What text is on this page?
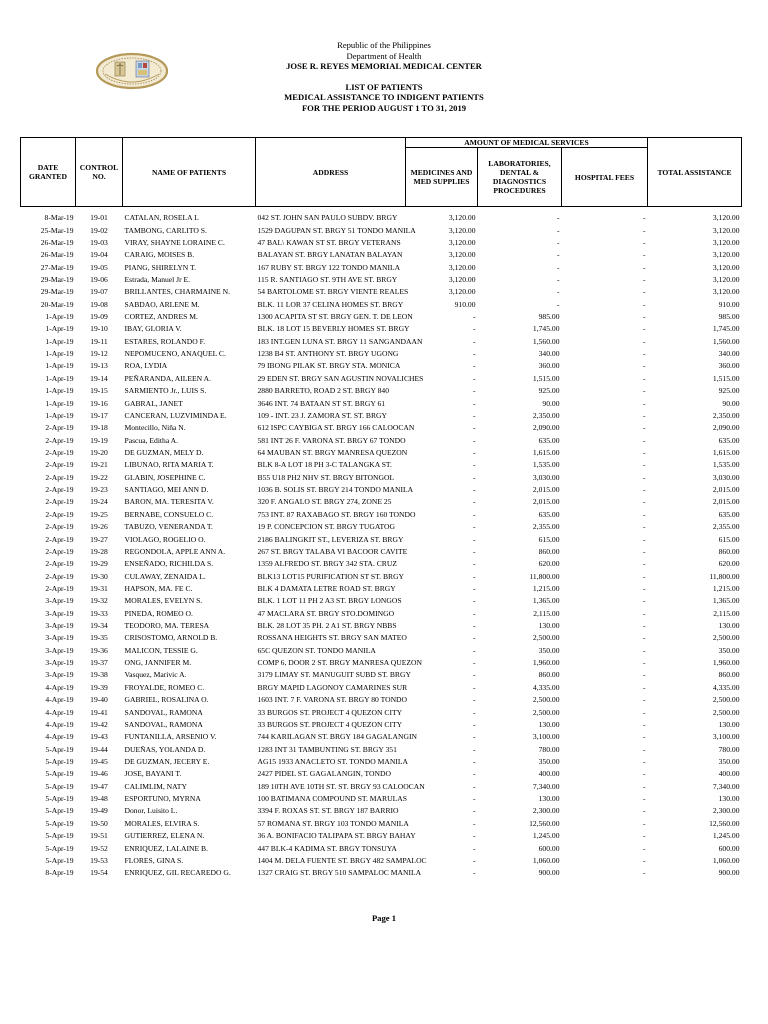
Republic of the Philippines
Department of Health
JOSE R. REYES MEMORIAL MEDICAL CENTER
LIST OF PATIENTS
MEDICAL ASSISTANCE TO INDIGENT PATIENTS
FOR THE PERIOD AUGUST 1 TO 31, 2019
DATE GRANTED	CONTROL NO.	NAME OF PATIENTS	ADDRESS	AMOUNT OF MEDICAL SERVICES			TOTAL ASSISTANCE
				MEDICINES AND MED SUPPLIES	LABORATORIES, DENTAL & DIAGNOSTICS PROCEDURES	HOSPITAL FEES	

8-Mar-19	19-01	CATALAN, ROSELA L	042 ST. JOHN SAN PAULO SUBDV. BRGY	3,120.00	-	-	3,120.00
25-Mar-19	19-02	TAMBONG, CARLITO S.	1529 DAGUPAN ST. BRGY 51 TONDO MANILA	3,120.00	-	-	3,120.00
26-Mar-19	19-03	VIRAY, SHAYNE LORAINE C.	47 BAL\ KAWAN ST ST. BRGY VETERANS	3,120.00	-	-	3,120.00
26-Mar-19	19-04	CARAIG, MOISES B.	BALAYAN ST. BRGY LANATAN BALAYAN	3,120.00	-	-	3,120.00
27-Mar-19	19-05	PIANG, SHIRELYN T.	167 RUBY ST. BRGY 122 TONDO MANILA	3,120.00	-	-	3,120.00
29-Mar-19	19-06	Estrada, Manuel Jr E.	115 R. SANTIAGO ST. 9TH AVE ST. BRGY	3,120.00	-	-	3,120.00
29-Mar-19	19-07	BRILLANTES, CHARMAINE N.	54 BARTOLOME ST. BRGY VIENTE REALES	3,120.00	-	-	3,120.00
20-Mar-19	19-08	SABDAO, ARLENE M.	BLK. 11 LOR 37 CELINA HOMES ST. BRGY	910.00	-	-	910.00
1-Apr-19	19-09	CORTEZ, ANDRES M.	1300 ACAPITA ST ST. BRGY GEN. T. DE LEON	-	985.00	-	985.00
1-Apr-19	19-10	IBAY, GLORIA V.	BLK. 18 LOT 15 BEVERLY HOMES ST. BRGY	-	1,745.00	-	1,745.00
1-Apr-19	19-11	ESTARES, ROLANDO F.	183 INT.GEN LUNA ST. BRGY 11 SANGANDAAN	-	1,560.00	-	1,560.00
1-Apr-19	19-12	NEPOMUCENO, ANAQUEL C.	1238 B4 ST. ANTHONY ST. BRGY UGONG	-	340.00	-	340.00
1-Apr-19	19-13	ROA, LYDIA	79 IBONG PILAK ST. BRGY STA. MONICA	-	360.00	-	360.00
1-Apr-19	19-14	PEÑARANDA, AILEEN A.	29 EDEN ST. BRGY SAN AGUSTIN NOVALICHES	-	1,515.00	-	1,515.00
1-Apr-19	19-15	SARMIENTO Jr., LUIS S.	2880 BARRETO, ROAD 2 ST. BRGY 840	-	925.00	-	925.00
1-Apr-19	19-16	GABRAL, JANET	3646 INT. 74 BATAAN ST ST. BRGY 61	-	90.00	-	90.00
1-Apr-19	19-17	CANCERAN, LUZVIMINDA E.	109 - INT. 23 J. ZAMORA ST. ST. BRGY	-	2,350.00	-	2,350.00
2-Apr-19	19-18	Montecillo, Niña N.	612 ISPC CAYBIGA ST. BRGY 166 CALOOCAN	-	2,090.00	-	2,090.00
2-Apr-19	19-19	Pascua, Editha A.	581 INT 26 F. VARONA ST. BRGY 67 TONDO	-	635.00	-	635.00
2-Apr-19	19-20	DE GUZMAN, MELY D.	64 MAUBAN ST. BRGY MANRESA QUEZON	-	1,615.00	-	1,615.00
2-Apr-19	19-21	LIBUNAO, RITA MARIA T.	BLK 8-A LOT 18 PH 3-C TALANGKA ST.	-	1,535.00	-	1,535.00
2-Apr-19	19-22	GLABIN, JOSEPHINE C.	B55 U18 PH2 NHV ST. BRGY BITONGOL	-	3,030.00	-	3,030.00
2-Apr-19	19-23	SANTIAGO, MEI ANN D.	1036 B. SOLIS ST. BRGY 214 TONDO MANILA	-	2,015.00	-	2,015.00
2-Apr-19	19-24	BARON, MA. TERESITA V.	320 F. ANGALO ST. BRGY 274, ZONE 25	-	2,015.00	-	2,015.00
2-Apr-19	19-25	BERNABE, CONSUELO C.	753 INT. 87 RAXABAGO ST. BRGY 160 TONDO	-	635.00	-	635.00
2-Apr-19	19-26	TABUZO, VENERANDA T.	19 P. CONCEPCION ST. BRGY TUGATOG	-	2,355.00	-	2,355.00
2-Apr-19	19-27	VIOLAGO, ROGELIO O.	2186 BALINGKIT ST., LEVERIZA ST. BRGY	-	615.00	-	615.00
2-Apr-19	19-28	REGONDOLA, APPLE ANN A.	267 ST. BRGY TALABA VI BACOOR CAVITE	-	860.00	-	860.00
2-Apr-19	19-29	ENSEÑADO, RICHILDA S.	1359 ALFREDO ST. BRGY 342 STA. CRUZ	-	620.00	-	620.00
2-Apr-19	19-30	CULAWAY, ZENAIDA L.	BLK13 LOT15 PURIFICATION ST ST. BRGY	-	11,800.00	-	11,800.00
2-Apr-19	19-31	HAPSON, MA. FE C.	BLK 4 DAMATA LETRE ROAD ST. BRGY	-	1,215.00	-	1,215.00
3-Apr-19	19-32	MORALES, EVELYN S.	BLK. 1 LOT 11 PH 2 A3 ST. BRGY LONGOS	-	1,365.00	-	1,365.00
3-Apr-19	19-33	PINEDA, ROMEO O.	47 MACLARA ST. BRGY STO.DOMINGO	-	2,115.00	-	2,115.00
3-Apr-19	19-34	TEODORO, MA. TERESA	BLK. 28 LOT 35 PH. 2 A1 ST. BRGY NBBS	-	130.00	-	130.00
3-Apr-19	19-35	CRISOSTOMO, ARNOLD B.	ROSSANA HEIGHTS ST. BRGY SAN MATEO	-	2,500.00	-	2,500.00
3-Apr-19	19-36	MALICON, TESSIE G.	65C QUEZON ST. TONDO MANILA	-	350.00	-	350.00
3-Apr-19	19-37	ONG, JANNIFER M.	COMP 6, DOOR 2 ST. BRGY MANRESA QUEZON	-	1,960.00	-	1,960.00
3-Apr-19	19-38	Vasquez, Marivic A.	3179 LIMAY ST. MANUGUIT SUBD ST. BRGY	-	860.00	-	860.00
4-Apr-19	19-39	FROYALDE, ROMEO C.	BRGY MAPID LAGONOY CAMARINES SUR	-	4,335.00	-	4,335.00
4-Apr-19	19-40	GABRIEL, ROSALINA O.	1603 INT. 7 F. VARONA ST. BRGY 80 TONDO	-	2,500.00	-	2,500.00
4-Apr-19	19-41	SANDOVAL, RAMONA	33 BURGOS ST. PROJECT 4 QUEZON CITY	-	2,500.00	-	2,500.00
4-Apr-19	19-42	SANDOVAL, RAMONA	33 BURGOS ST. PROJECT 4 QUEZON CITY	-	130.00	-	130.00
4-Apr-19	19-43	FUNTANILLA, ARSENIO V.	744 KARILAGAN ST. BRGY 184 GAGALANGIN	-	3,100.00	-	3,100.00
5-Apr-19	19-44	DUEÑAS, YOLANDA D.	1283 INT 31 TAMBUNTING ST. BRGY 351	-	780.00	-	780.00
5-Apr-19	19-45	DE GUZMAN, JECERY E.	AG15 1933 ANACLETO ST. TONDO MANILA	-	350.00	-	350.00
5-Apr-19	19-46	JOSE, BAYANI T.	2427 PIDEL ST. GAGALANGIN, TONDO	-	400.00	-	400.00
5-Apr-19	19-47	CALIMLIM, NATY	189 10TH AVE 10TH ST. ST. BRGY 93 CALOOCAN	-	7,340.00	-	7,340.00
5-Apr-19	19-48	ESPORTUNO, MYRNA	100 BATIMANA COMPOUND ST. MARULAS	-	130.00	-	130.00
5-Apr-19	19-49	Donor, Luisito L.	3394 F. ROXAS ST. ST. BRGY 187 BARRIO	-	2,300.00	-	2,300.00
5-Apr-19	19-50	MORALES, ELVIRA S.	57 ROMANA ST. BRGY 103 TONDO MANILA	-	12,560.00	-	12,560.00
5-Apr-19	19-51	GUTIERREZ, ELENA N.	36 A. BONIFACIO TALIPAPA ST. BRGY BAHAY	-	1,245.00	-	1,245.00
5-Apr-19	19-52	ENRIQUEZ, LALAINE B.	447 BLK-4 KADIMA ST. BRGY TONSUYA	-	600.00	-	600.00
5-Apr-19	19-53	FLORES, GINA S.	1404 M. DELA FUENTE ST. BRGY 482 SAMPALOC	-	1,060.00	-	1,060.00
8-Apr-19	19-54	ENRIQUEZ, GIL RECAREDO G.	1327 CRAIG ST. BRGY 510 SAMPALOC MANILA	-	900.00	-	900.00
Page 1
